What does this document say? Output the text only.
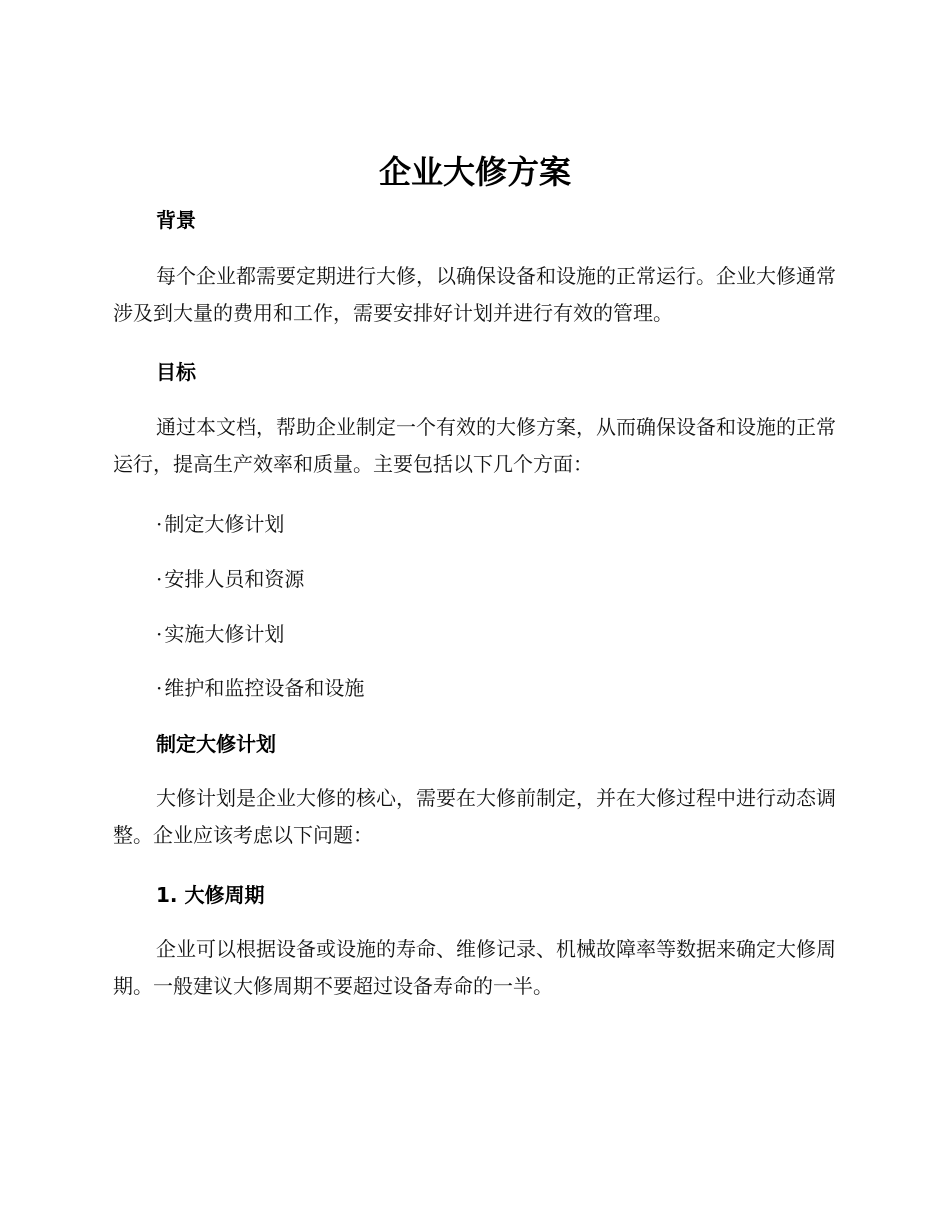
企业大修方案
背景

每个企业都需要定期进行大修，以确保设备和设施的正常运行。企业大修通常涉及到大量的费用和工作，需要安排好计划并进行有效的管理。

目标

通过本文档，帮助企业制定一个有效的大修方案，从而确保设备和设施的正常运行，提高生产效率和质量。主要包括以下几个方面：

· 制定大修计划
· 安排人员和资源
· 实施大修计划
· 维护和监控设备和设施
制定大修计划

大修计划是企业大修的核心，需要在大修前制定，并在大修过程中进行动态调整。企业应该考虑以下问题：

1. 大修周期

企业可以根据设备或设施的寿命、维修记录、机械故障率等数据来确定大修周期。一般建议大修周期不要超过设备寿命的一半。
